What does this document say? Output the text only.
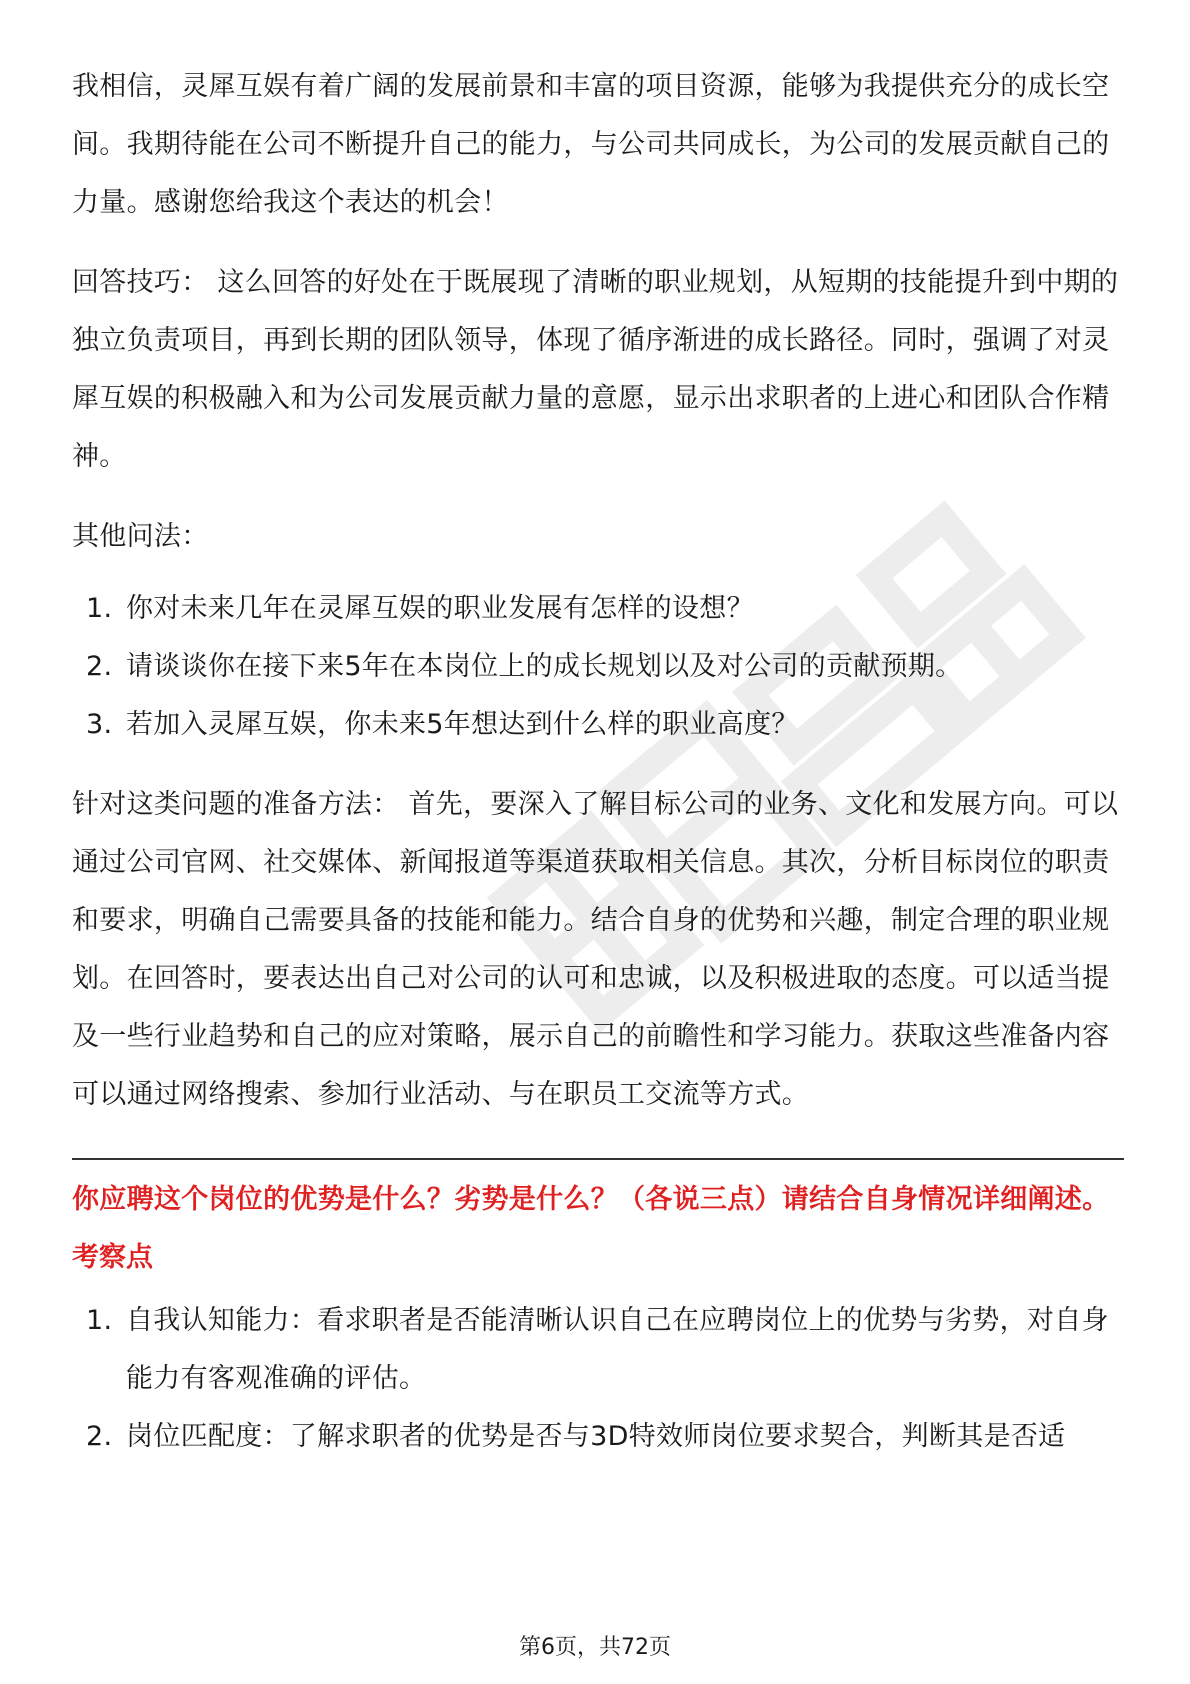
我相信，灵犀互娱有着广阔的发展前景和丰富的项目资源，能够为我提供充分的成长空间。我期待能在公司不断提升自己的能力，与公司共同成长，为公司的发展贡献自己的力量。感谢您给我这个表达的机会！

回答技巧： 这么回答的好处在于既展现了清晰的职业规划，从短期的技能提升到中期的独立负责项目，再到长期的团队领导，体现了循序渐进的成长路径。同时，强调了对灵犀互娱的积极融入和为公司发展贡献力量的意愿，显示出求职者的上进心和团队合作精神。

其他问法：

1. 你对未来几年在灵犀互娱的职业发展有怎样的设想？
2. 请谈谈你在接下来5年在本岗位上的成长规划以及对公司的贡献预期。
3. 若加入灵犀互娱，你未来5年想达到什么样的职业高度？

针对这类问题的准备方法： 首先，要深入了解目标公司的业务、文化和发展方向。可以通过公司官网、社交媒体、新闻报道等渠道获取相关信息。其次，分析目标岗位的职责和要求，明确自己需要具备的技能和能力。结合自身的优势和兴趣，制定合理的职业规划。在回答时，要表达出自己对公司的认可和忠诚，以及积极进取的态度。可以适当提及一些行业趋势和自己的应对策略，展示自己的前瞻性和学习能力。获取这些准备内容可以通过网络搜索、参加行业活动、与在职员工交流等方式。

你应聘这个岗位的优势是什么？劣势是什么？（各说三点）请结合自身情况详细阐述。

考察点

1. 自我认知能力：看求职者是否能清晰认识自己在应聘岗位上的优势与劣势，对自身能力有客观准确的评估。
2. 岗位匹配度：了解求职者的优势是否与3D特效师岗位要求契合，判断其是否适
第6页，共72页
